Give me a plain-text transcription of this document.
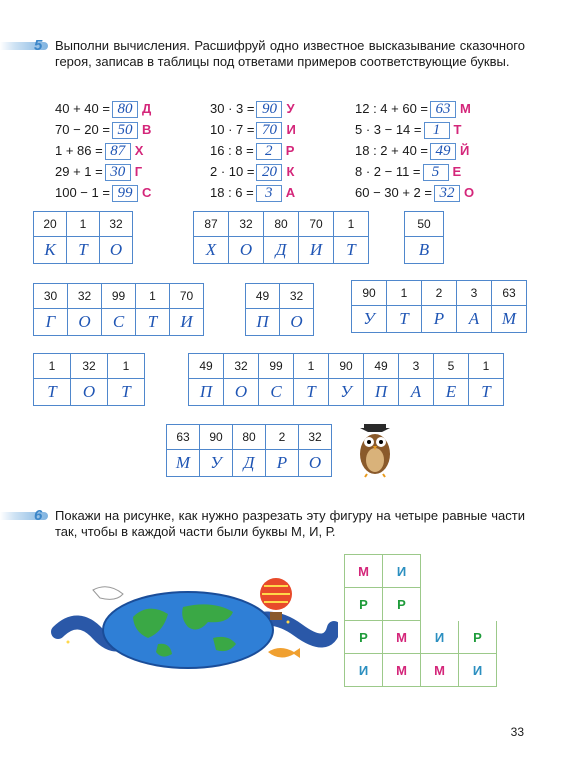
5 Выполни вычисления. Расшифруй одно известное высказывание сказочного героя, записав в таблицы под ответами примеров соответствующие буквы.
40 + 40 = 80 Д
70 − 20 = 50 В
1 + 86 = 87 Х
29 + 1 = 30 Г
100 − 1 = 99 С
30 · 3 = 90 У
10 · 7 = 70 И
16 : 8 = 2 Р
2 · 10 = 20 К
18 : 6 = 3 А
12 : 4 + 60 = 63 М
5 · 3 − 14 = 1 Т
18 : 2 + 40 = 49 Й
8 · 2 − 11 = 5 Е
60 − 30 + 2 = 32 О
20	1	32
К	Т	О
87	32	80	70	1
Х	О	Д	И	Т
50
В
30	32	99	1	70
Г	О	С	Т	И
49	32
П	О
90	1	2	3	63
У	Т	Р	А	М
1	32	1
Т	О	Т
49	32	99	1	90	49	3	5	1
П	О	С	Т	У	П	А	Е	Т
63	90	80	2	32
М	У	Д	Р	О
6 Покажи на рисунке, как нужно разрезать эту фигуру на четыре равные части так, чтобы в каждой части были буквы М, И, Р.
М	И		
Р	Р		
Р	М	И	Р
И	М	М	И
33
